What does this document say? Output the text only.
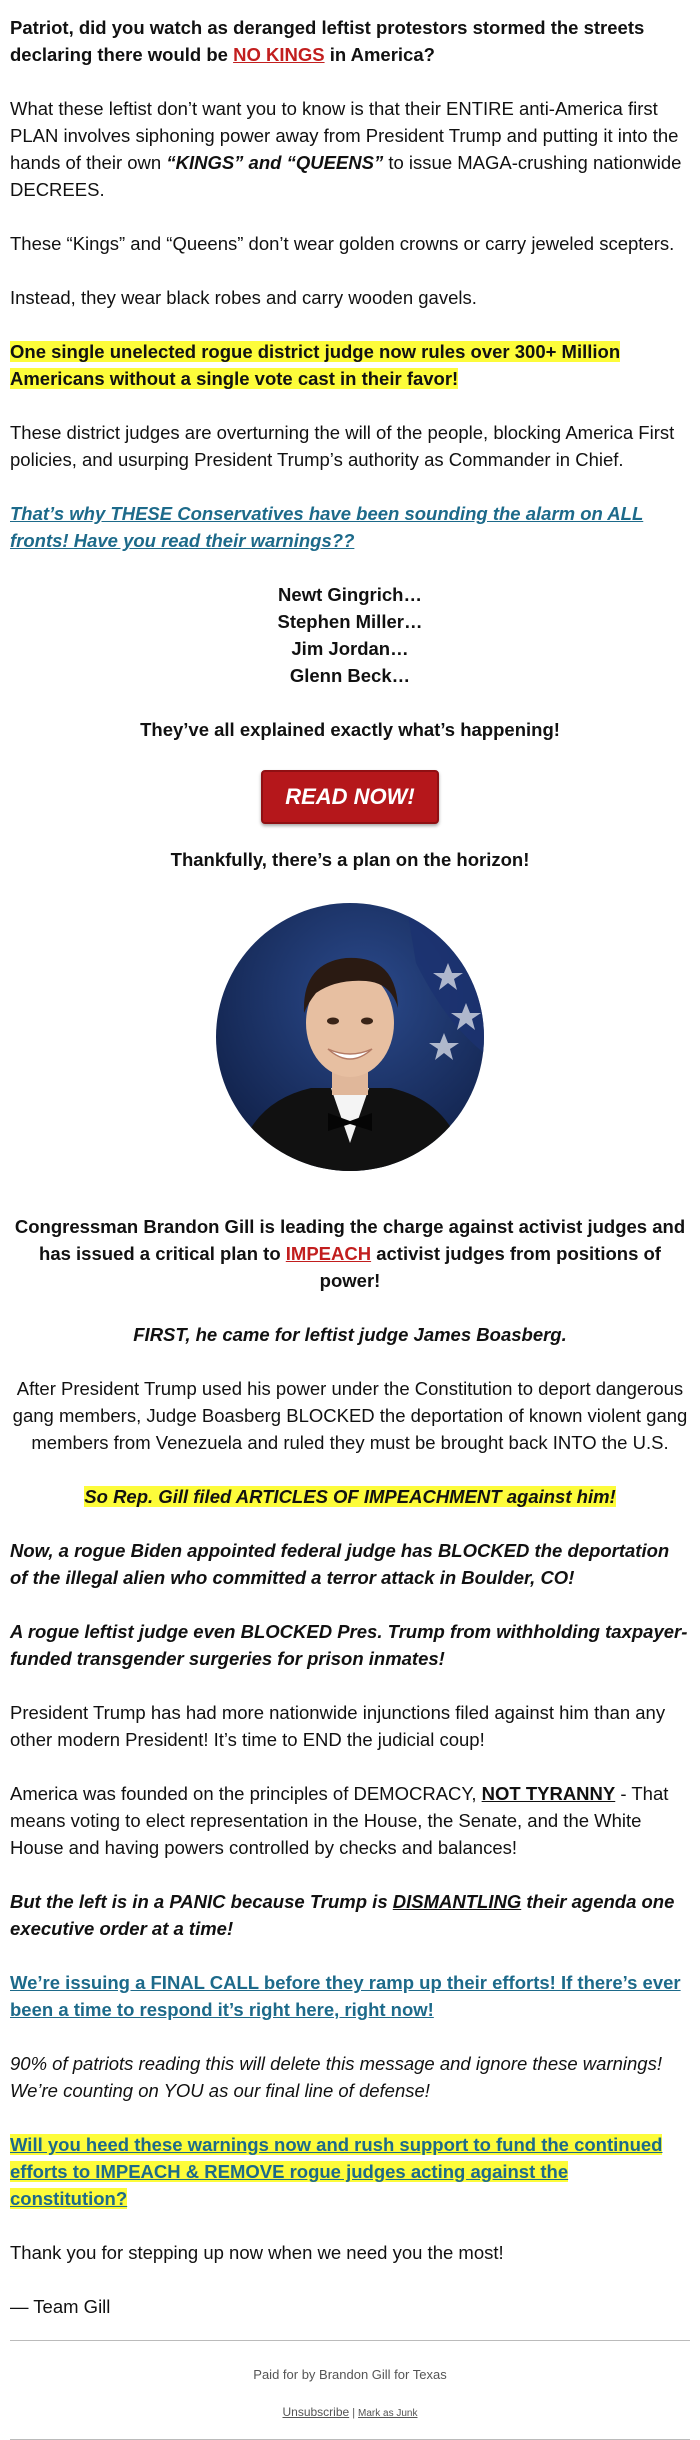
Patriot, did you watch as deranged leftist protestors stormed the streets declaring there would be NO KINGS in America?

What these leftist don’t want you to know is that their ENTIRE anti-America first PLAN involves siphoning power away from President Trump and putting it into the hands of their own “KINGS” and “QUEENS” to issue MAGA-crushing nationwide DECREES.

These “Kings” and “Queens” don’t wear golden crowns or carry jeweled scepters.

Instead, they wear black robes and carry wooden gavels.

One single unelected rogue district judge now rules over 300+ Million Americans without a single vote cast in their favor!

These district judges are overturning the will of the people, blocking America First policies, and usurping President Trump’s authority as Commander in Chief.

That’s why THESE Conservatives have been sounding the alarm on ALL fronts! Have you read their warnings??

Newt Gingrich…
Stephen Miller…
Jim Jordan…
Glenn Beck…

They’ve all explained exactly what’s happening!

READ NOW!

Thankfully, there’s a plan on the horizon!

Congressman Brandon Gill is leading the charge against activist judges and has issued a critical plan to IMPEACH activist judges from positions of power!

FIRST, he came for leftist judge James Boasberg.

After President Trump used his power under the Constitution to deport dangerous gang members, Judge Boasberg BLOCKED the deportation of known violent gang members from Venezuela and ruled they must be brought back INTO the U.S.

So Rep. Gill filed ARTICLES OF IMPEACHMENT against him!

Now, a rogue Biden appointed federal judge has BLOCKED the deportation of the illegal alien who committed a terror attack in Boulder, CO!

A rogue leftist judge even BLOCKED Pres. Trump from withholding taxpayer-funded transgender surgeries for prison inmates!

President Trump has had more nationwide injunctions filed against him than any other modern President! It’s time to END the judicial coup!

America was founded on the principles of DEMOCRACY, NOT TYRANNY - That means voting to elect representation in the House, the Senate, and the White House and having powers controlled by checks and balances!

But the left is in a PANIC because Trump is DISMANTLING their agenda one executive order at a time!

We’re issuing a FINAL CALL before they ramp up their efforts! If there’s ever been a time to respond it’s right here, right now!

90% of patriots reading this will delete this message and ignore these warnings! We’re counting on YOU as our final line of defense!

Will you heed these warnings now and rush support to fund the continued efforts to IMPEACH & REMOVE rogue judges acting against the constitution?

Thank you for stepping up now when we need you the most!

— Team Gill

Paid for by Brandon Gill for Texas
Unsubscribe | Mark as Junk
